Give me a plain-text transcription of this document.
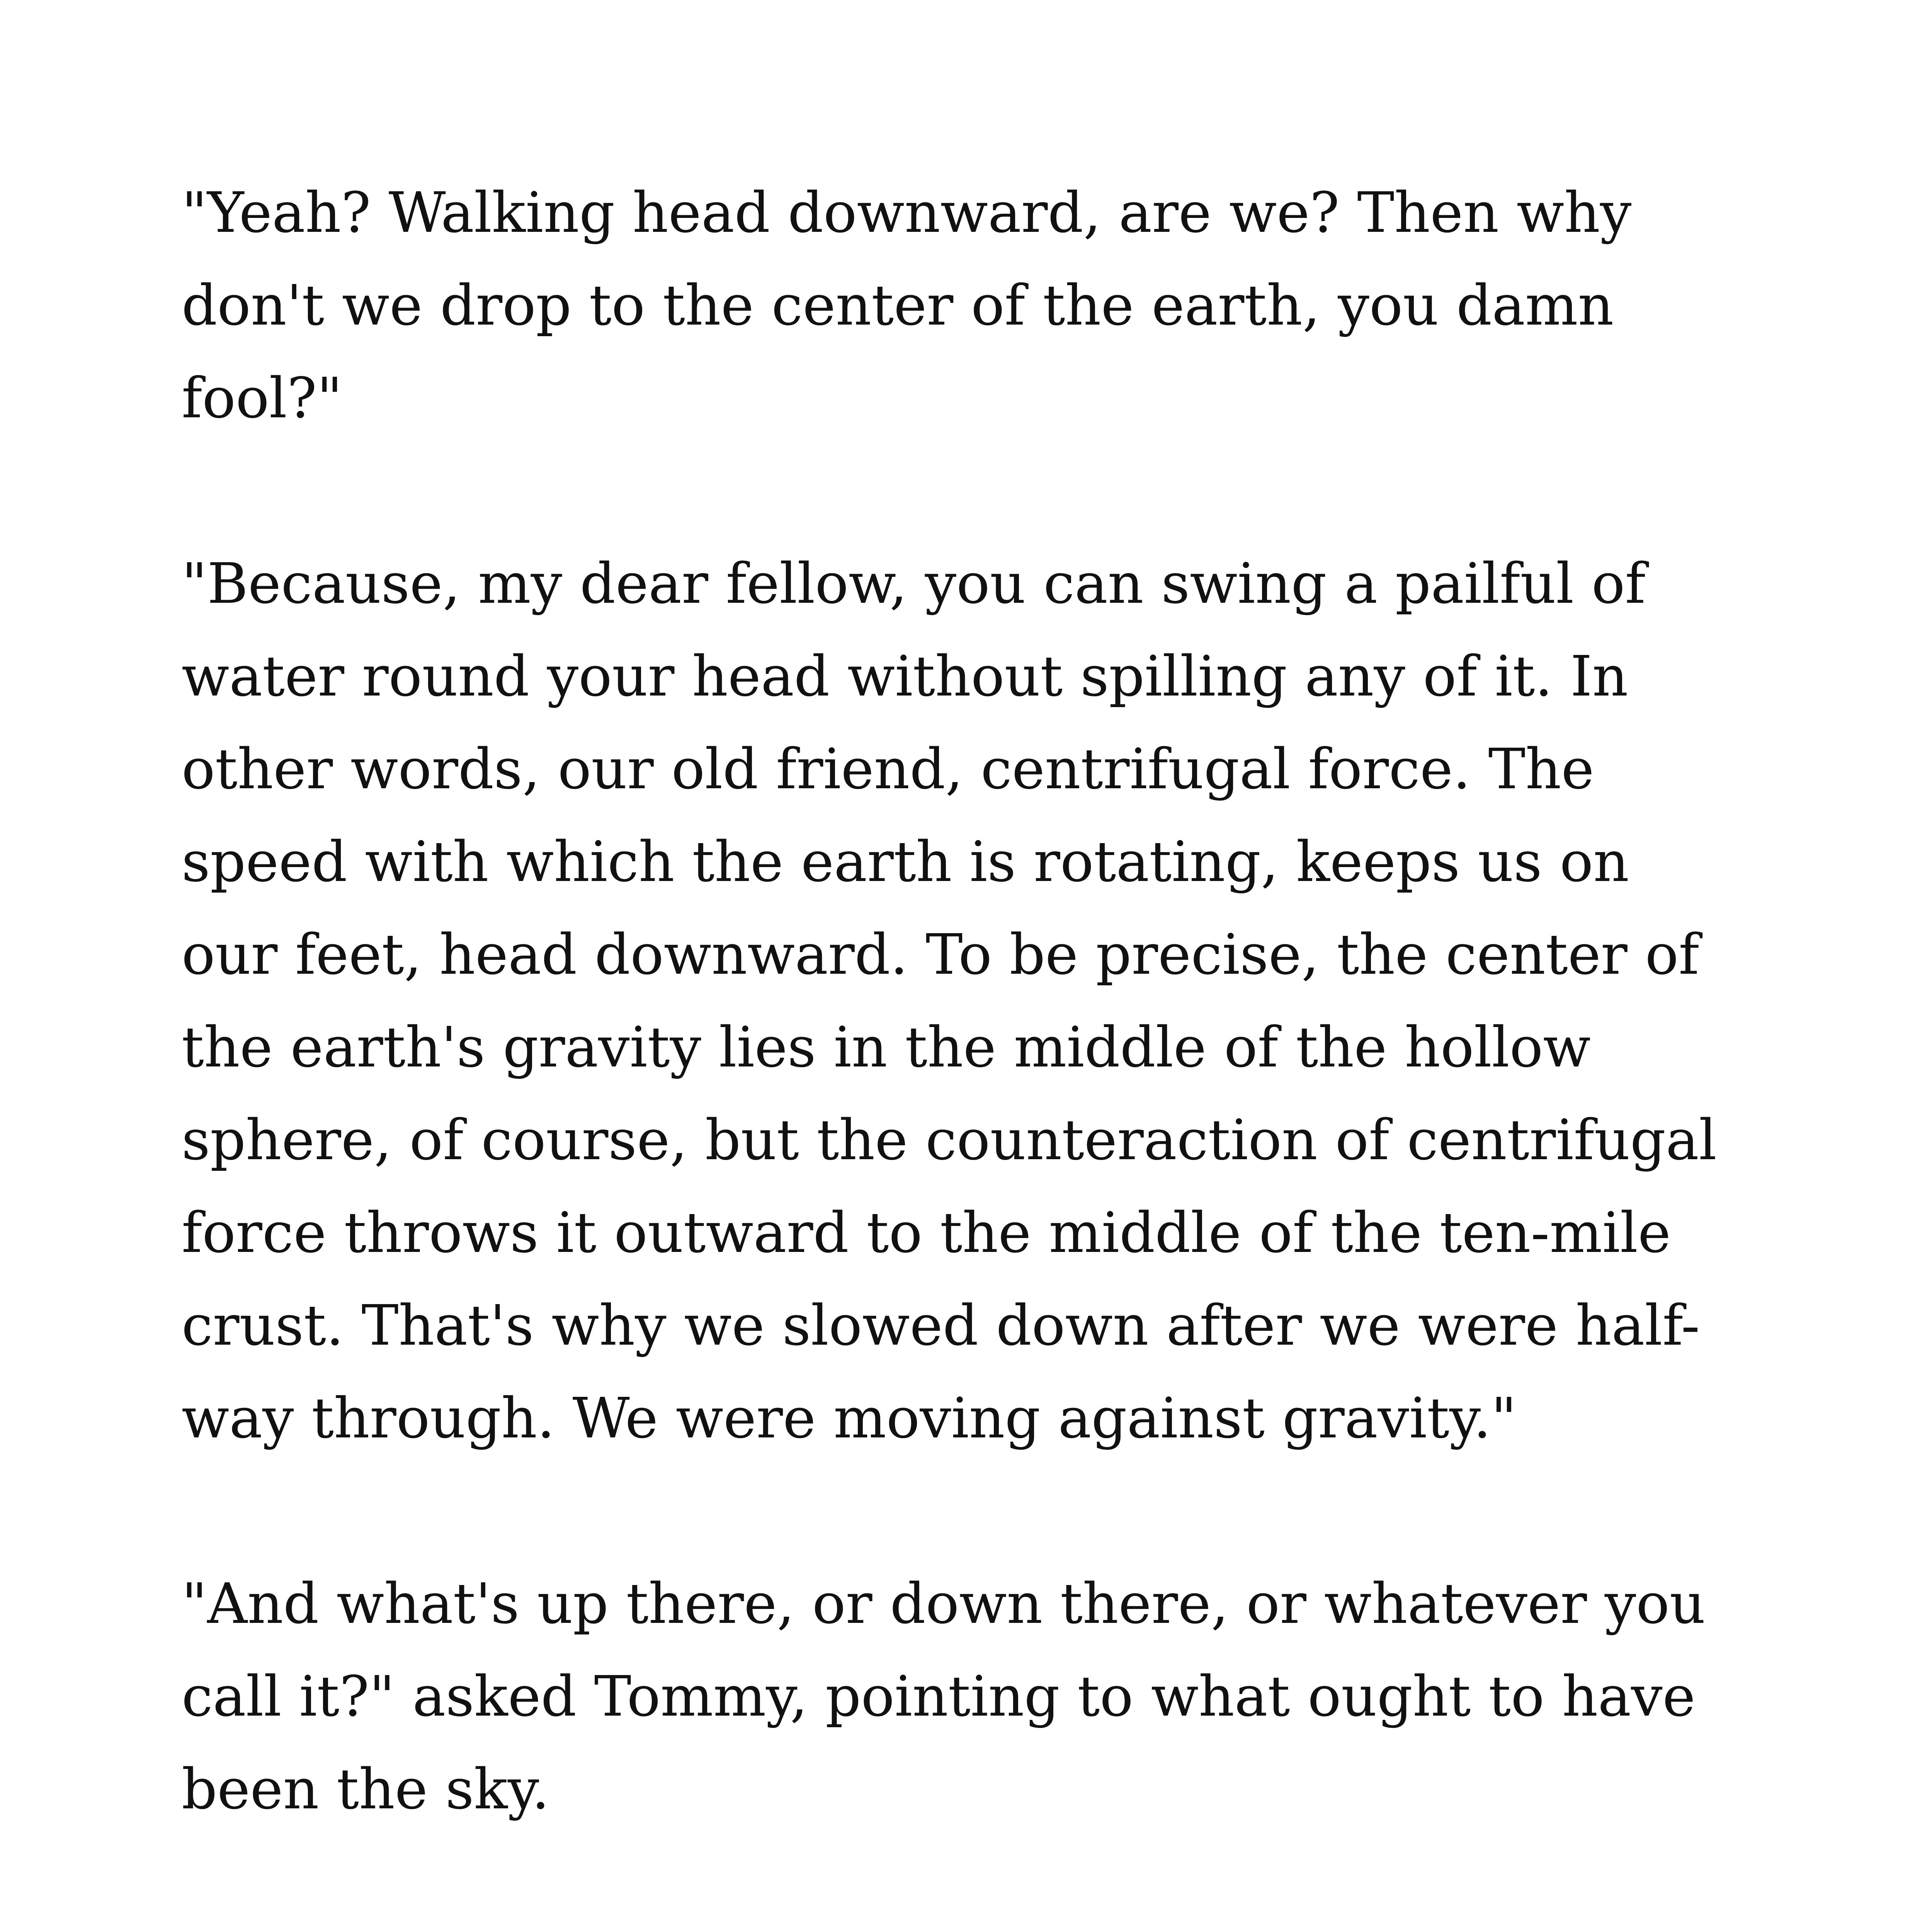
"Yeah? Walking head downward, are we? Then why
don't we drop to the center of the earth, you damn
fool?"

"Because, my dear fellow, you can swing a pailful of
water round your head without spilling any of it. In
other words, our old friend, centrifugal force. The
speed with which the earth is rotating, keeps us on
our feet, head downward. To be precise, the center of
the earth's gravity lies in the middle of the hollow
sphere, of course, but the counteraction of centrifugal
force throws it outward to the middle of the ten-mile
crust. That's why we slowed down after we were half-
way through. We were moving against gravity."

"And what's up there, or down there, or whatever you
call it?" asked Tommy, pointing to what ought to have
been the sky.
